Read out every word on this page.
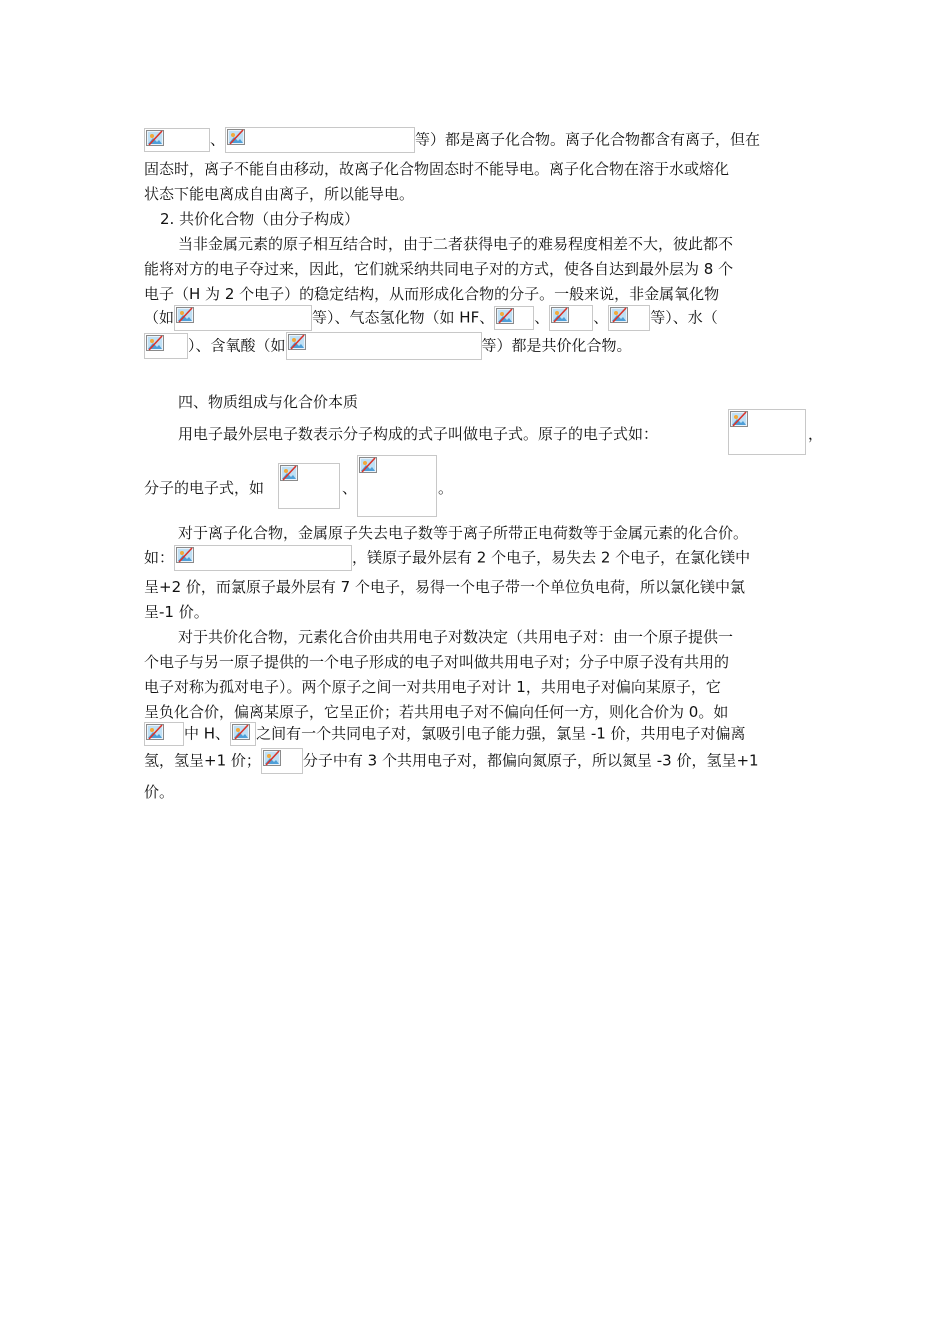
、	等）都是离子化合物。离子化合物都含有离子，但在
固态时，离子不能自由移动，故离子化合物固态时不能导电。离子化合物在溶于水或熔化
状态下能电离成自由离子，所以能导电。
2. 共价化合物（由分子构成）
当非金属元素的原子相互结合时，由于二者获得电子的难易程度相差不大，彼此都不
能将对方的电子夺过来，因此，它们就采纳共同电子对的方式，使各自达到最外层为 8 个
电子（H 为 2 个电子）的稳定结构，从而形成化合物的分子。一般来说，非金属氧化物
（如	等）、气态氢化物（如 HF、	、	、	等）、水（
）、含氧酸（如	等）都是共价化合物。
四、物质组成与化合价本质
用电子最外层电子数表示分子构成的式子叫做电子式。原子的电子式如：	，
分子的电子式，如	、	。
对于离子化合物，金属原子失去电子数等于离子所带正电荷数等于金属元素的化合价。
如：	，镁原子最外层有 2 个电子，易失去 2 个电子，在氯化镁中
呈+2 价，而氯原子最外层有 7 个电子，易得一个电子带一个单位负电荷，所以氯化镁中氯
呈-1 价。
对于共价化合物，元素化合价由共用电子对数决定（共用电子对：由一个原子提供一
个电子与另一原子提供的一个电子形成的电子对叫做共用电子对；分子中原子没有共用的
电子对称为孤对电子）。两个原子之间一对共用电子对计 1，共用电子对偏向某原子，它
呈负化合价，偏离某原子，它呈正价；若共用电子对不偏向任何一方，则化合价为 0。如
中 H、 之间有一个共同电子对，氯吸引电子能力强，氯呈 -1 价，共用电子对偏离
氢，氢呈+1 价；	分子中有 3 个共用电子对，都偏向氮原子，所以氮呈 -3 价，氢呈+1
价。
